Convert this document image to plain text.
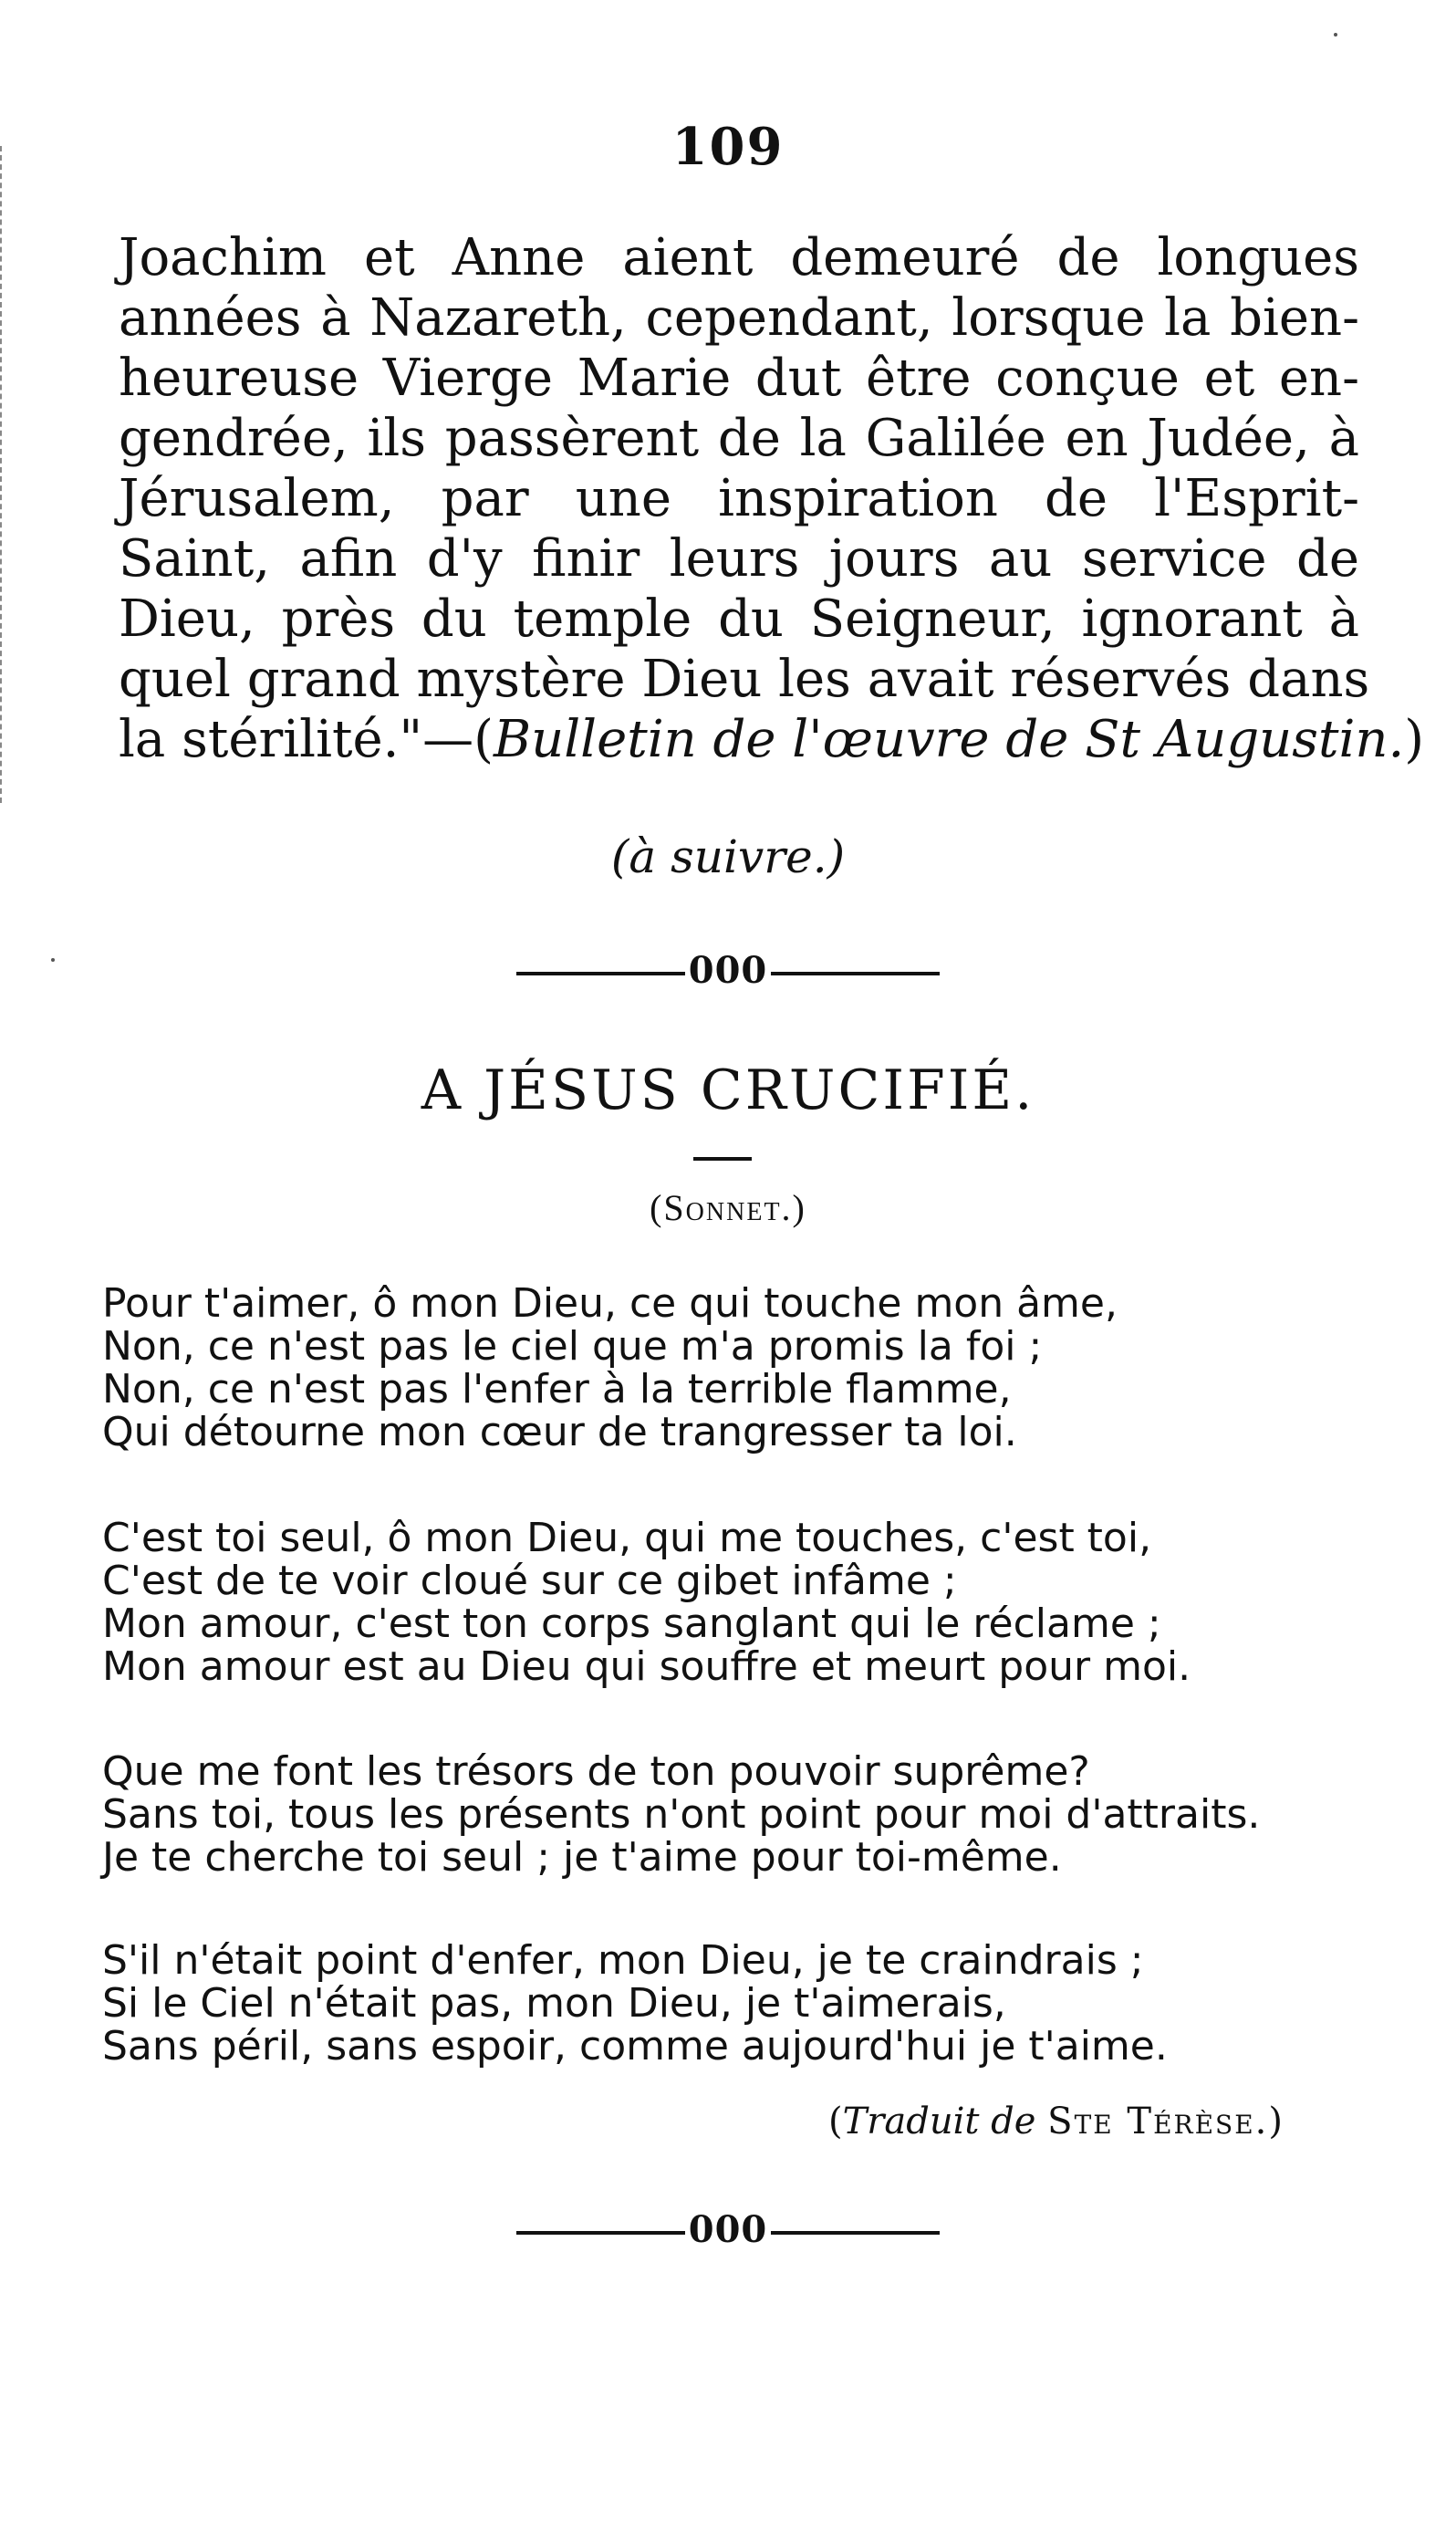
109

Joachim et Anne aient demeuré de longues
années à Nazareth, cependant, lorsque la bien-
heureuse Vierge Marie dut être conçue et en-
gendrée, ils passèrent de la Galilée en Judée, à
Jérusalem, par une inspiration de l'Esprit-
Saint, afin d'y finir leurs jours au service de
Dieu, près du temple du Seigneur, ignorant à
quel grand mystère Dieu les avait réservés dans
la stérilité."—(Bulletin de l'œuvre de St Augustin.)

(à suivre.)
000
A JÉSUS CRUCIFIÉ.
(Sonnet.)

Pour t'aimer, ô mon Dieu, ce qui touche mon âme,
Non, ce n'est pas le ciel que m'a promis la foi ;
Non, ce n'est pas l'enfer à la terrible flamme,
Qui détourne mon cœur de trangresser ta loi.

C'est toi seul, ô mon Dieu, qui me touches, c'est toi,
C'est de te voir cloué sur ce gibet infâme ;
Mon amour, c'est ton corps sanglant qui le réclame ;
Mon amour est au Dieu qui souffre et meurt pour moi.

Que me font les trésors de ton pouvoir suprême?
Sans toi, tous les présents n'ont point pour moi d'attraits.
Je te cherche toi seul ; je t'aime pour toi-même.

S'il n'était point d'enfer, mon Dieu, je te craindrais ;
Si le Ciel n'était pas, mon Dieu, je t'aimerais,
Sans péril, sans espoir, comme aujourd'hui je t'aime.

(Traduit de Ste Térèse.)
000
